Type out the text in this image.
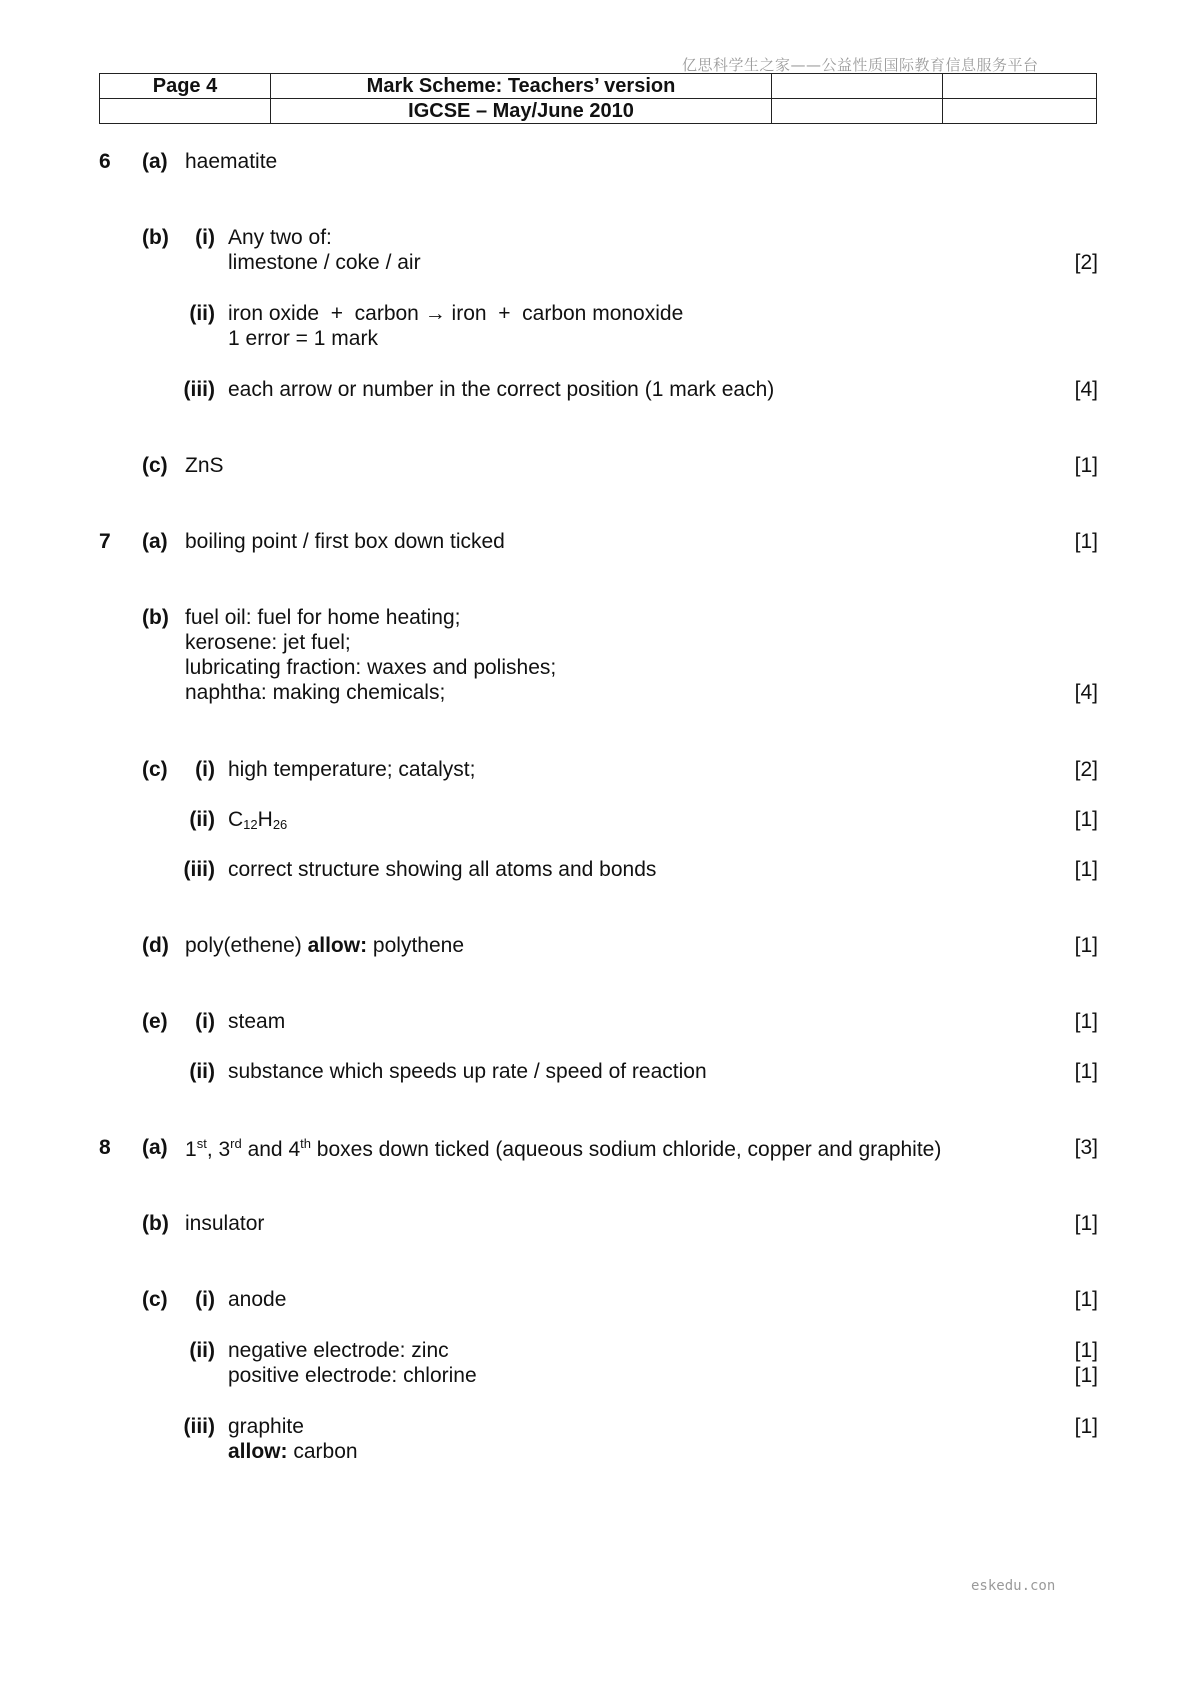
亿思科学生之家——公益性质国际教育信息服务平台
Page 4	Mark Scheme: Teachers’ version		
	IGCSE – May/June 2010		
6 (a) haematite
(b)	(i) Any two of:
limestone / coke / air	[2]
(ii) iron oxide  +  carbon → iron  +  carbon monoxide
1 error = 1 mark
(iii) each arrow or number in the correct position (1 mark each)	[4]
(c) ZnS	[1]
7 (a) boiling point / first box down ticked	[1]
(b) fuel oil: fuel for home heating;
kerosene: jet fuel;
lubricating fraction: waxes and polishes;
naphtha: making chemicals;	[4]
(c)	(i) high temperature; catalyst;	[2]
(ii) $C_{12}H_{26}$	[1]
(iii) correct structure showing all atoms and bonds	[1]
(d) poly(ethene) allow: polythene	[1]
(e)	(i) steam	[1]
(ii) substance which speeds up rate / speed of reaction	[1]
8 (a) 1st, 3rd and 4th boxes down ticked (aqueous sodium chloride, copper and graphite)	[3]
(b) insulator	[1]
(c)	(i) anode	[1]
(ii) negative electrode: zinc	[1]
positive electrode: chlorine	[1]
(iii) graphite	[1]
allow: carbon
eskedu.con
